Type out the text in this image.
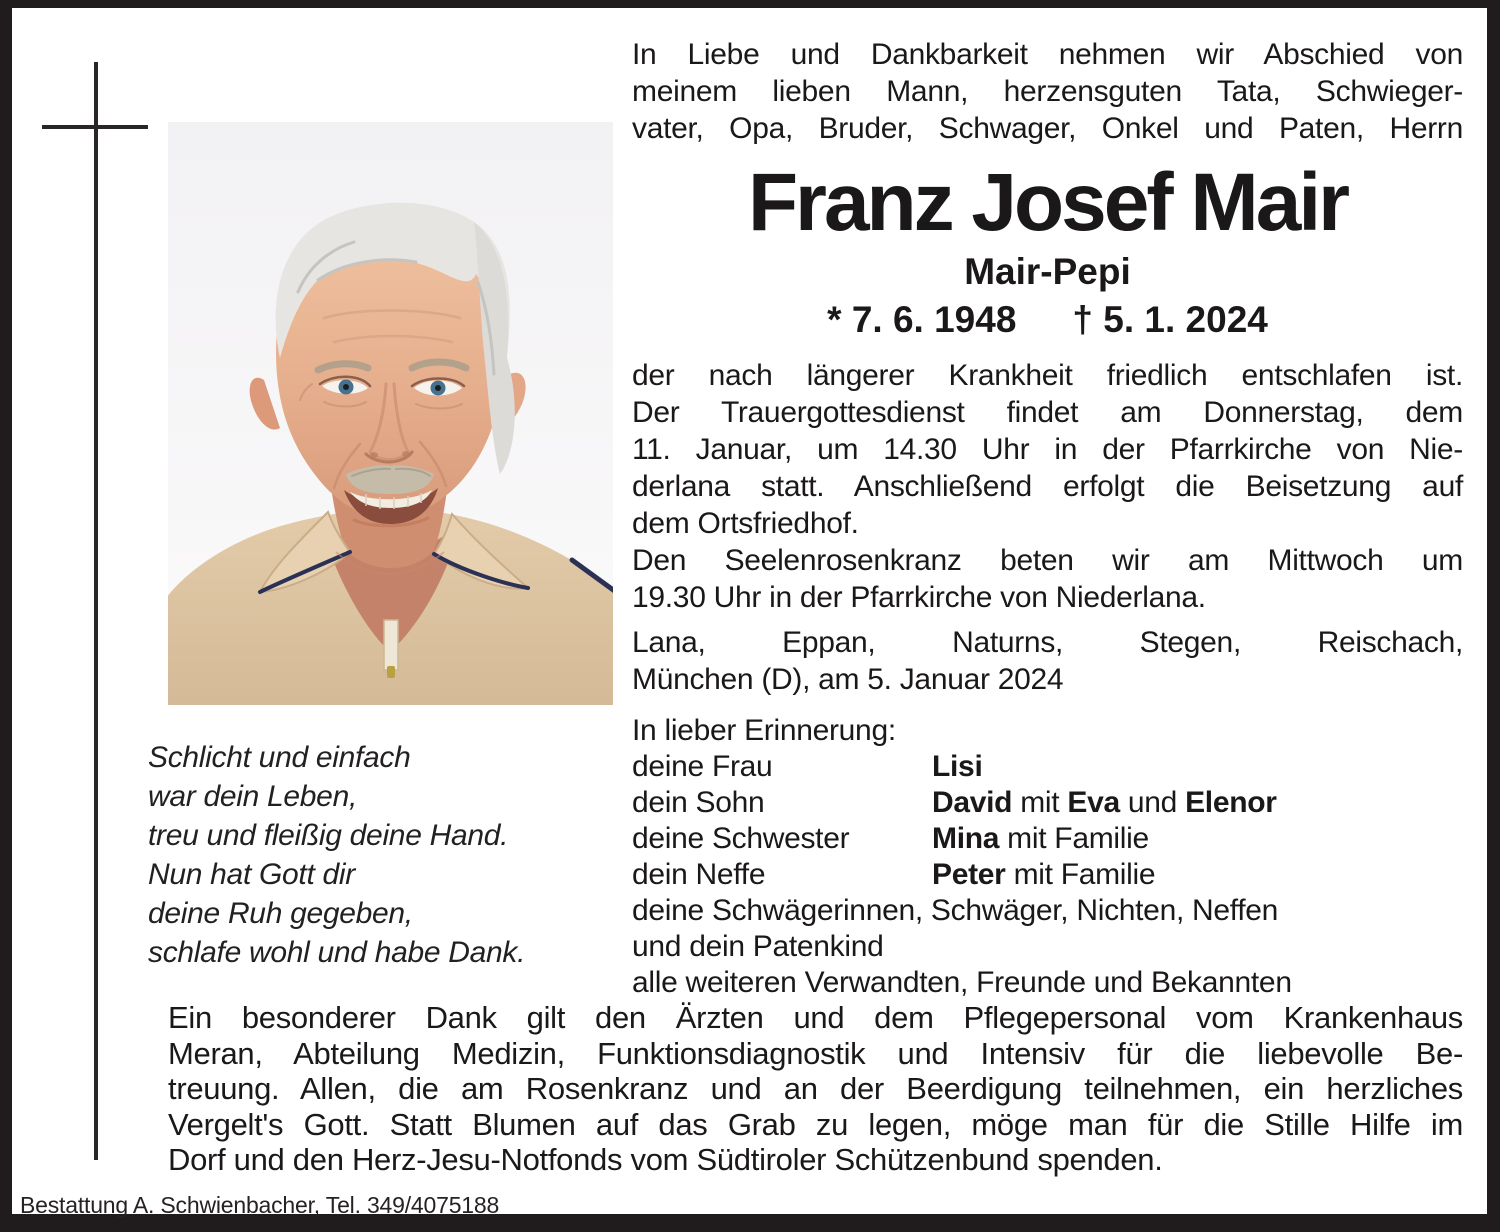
In Liebe und Dankbarkeit nehmen wir Abschied von
meinem lieben Mann, herzensguten Tata, Schwieger-
vater, Opa, Bruder, Schwager, Onkel und Paten, Herrn
Franz Josef Mair
Mair-Pepi
* 7. 6. 1948 † 5. 1. 2024
der nach längerer Krankheit friedlich entschlafen ist.
Der Trauergottesdienst findet am Donnerstag, dem
11. Januar, um 14.30 Uhr in der Pfarrkirche von Nie-
derlana statt. Anschließend erfolgt die Beisetzung auf
dem Ortsfriedhof.
Den Seelenrosenkranz beten wir am Mittwoch um
19.30 Uhr in der Pfarrkirche von Niederlana.
Lana, Eppan, Naturns, Stegen, Reischach,
München (D), am 5. Januar 2024
In lieber Erinnerung:
deine Frau	Lisi
dein Sohn	David mit Eva und Elenor
deine Schwester	Mina mit Familie
dein Neffe	Peter mit Familie
deine Schwägerinnen, Schwäger, Nichten, Neffen
und dein Patenkind
alle weiteren Verwandten, Freunde und Bekannten
Schlicht und einfach
war dein Leben,
treu und fleißig deine Hand.
Nun hat Gott dir
deine Ruh gegeben,
schlafe wohl und habe Dank.
Ein besonderer Dank gilt den Ärzten und dem Pflegepersonal vom Krankenhaus
Meran, Abteilung Medizin, Funktionsdiagnostik und Intensiv für die liebevolle Be-
treuung. Allen, die am Rosenkranz und an der Beerdigung teilnehmen, ein herzliches
Vergelt's Gott. Statt Blumen auf das Grab zu legen, möge man für die Stille Hilfe im
Dorf und den Herz-Jesu-Notfonds vom Südtiroler Schützenbund spenden.
Bestattung A. Schwienbacher, Tel. 349/4075188
